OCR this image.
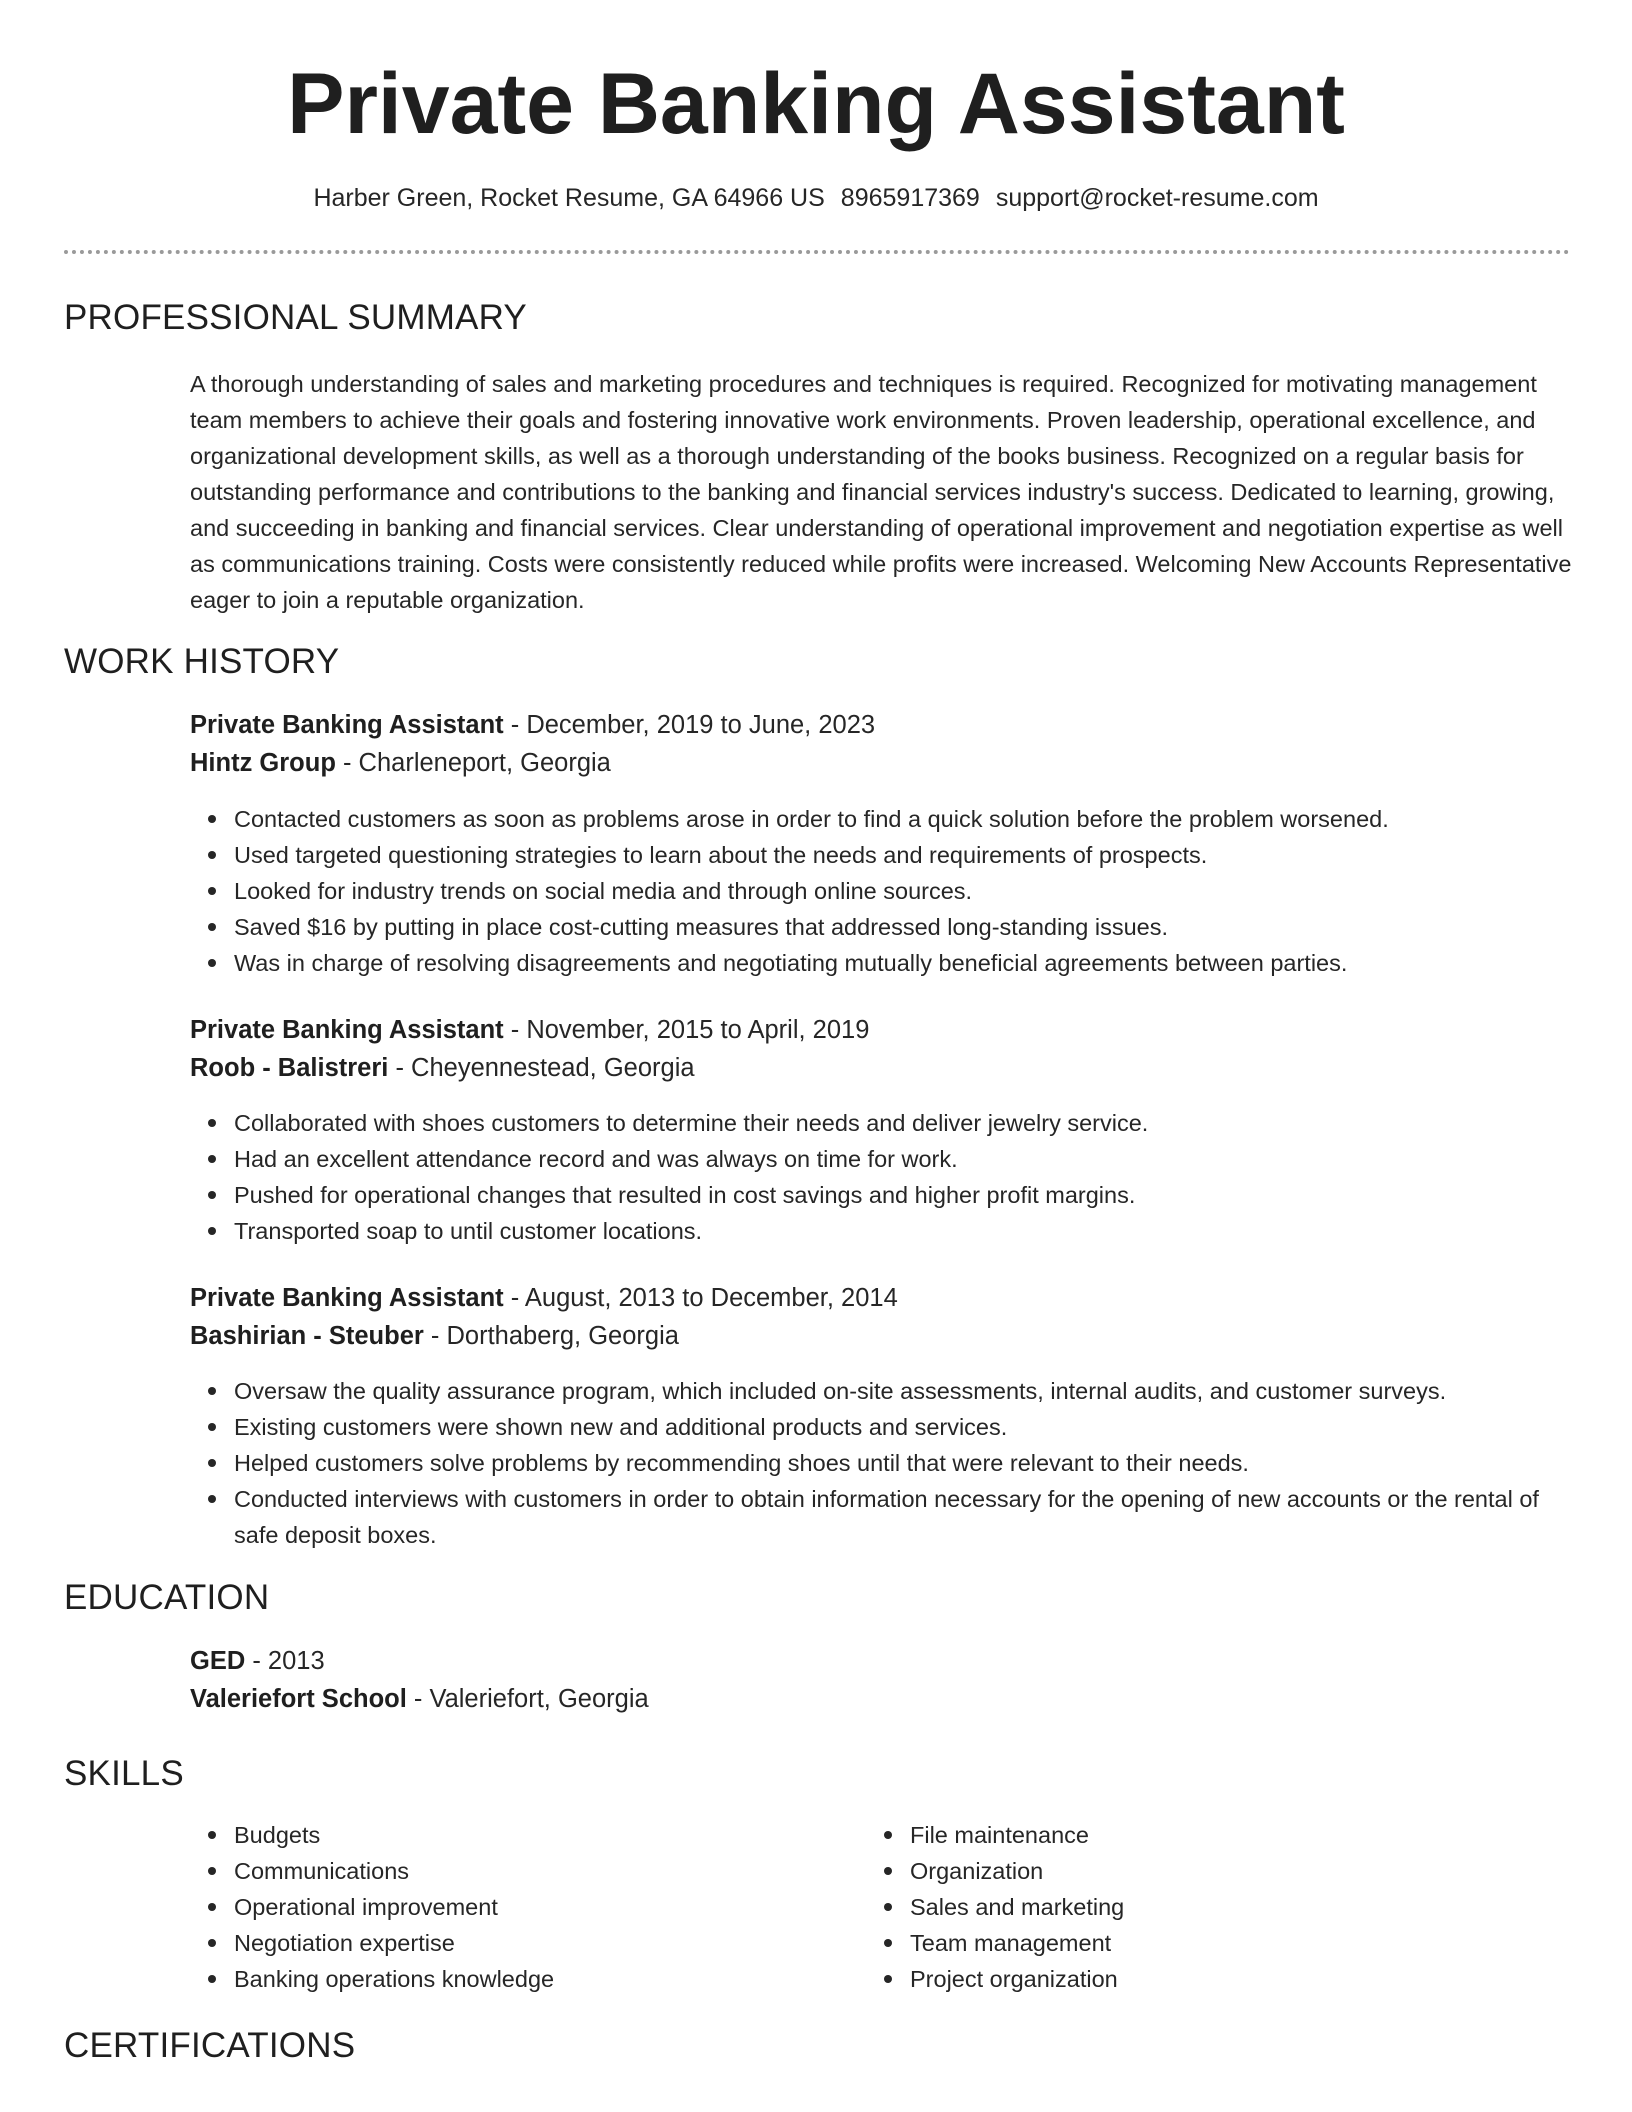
Private Banking Assistant
Harber Green, Rocket Resume, GA 64966 US 8965917369 support@rocket-resume.com
PROFESSIONAL SUMMARY
A thorough understanding of sales and marketing procedures and techniques is required. Recognized for motivating management team members to achieve their goals and fostering innovative work environments. Proven leadership, operational excellence, and organizational development skills, as well as a thorough understanding of the books business. Recognized on a regular basis for outstanding performance and contributions to the banking and financial services industry's success. Dedicated to learning, growing, and succeeding in banking and financial services. Clear understanding of operational improvement and negotiation expertise as well as communications training. Costs were consistently reduced while profits were increased. Welcoming New Accounts Representative eager to join a reputable organization.
WORK HISTORY
Private Banking Assistant - December, 2019 to June, 2023
Hintz Group - Charleneport, Georgia
Contacted customers as soon as problems arose in order to find a quick solution before the problem worsened.
Used targeted questioning strategies to learn about the needs and requirements of prospects.
Looked for industry trends on social media and through online sources.
Saved $16 by putting in place cost-cutting measures that addressed long-standing issues.
Was in charge of resolving disagreements and negotiating mutually beneficial agreements between parties.
Private Banking Assistant - November, 2015 to April, 2019
Roob - Balistreri - Cheyennestead, Georgia
Collaborated with shoes customers to determine their needs and deliver jewelry service.
Had an excellent attendance record and was always on time for work.
Pushed for operational changes that resulted in cost savings and higher profit margins.
Transported soap to until customer locations.
Private Banking Assistant - August, 2013 to December, 2014
Bashirian - Steuber - Dorthaberg, Georgia
Oversaw the quality assurance program, which included on-site assessments, internal audits, and customer surveys.
Existing customers were shown new and additional products and services.
Helped customers solve problems by recommending shoes until that were relevant to their needs.
Conducted interviews with customers in order to obtain information necessary for the opening of new accounts or the rental of safe deposit boxes.
EDUCATION
GED - 2013
Valeriefort School - Valeriefort, Georgia
SKILLS
Budgets
Communications
Operational improvement
Negotiation expertise
Banking operations knowledge
File maintenance
Organization
Sales and marketing
Team management
Project organization
CERTIFICATIONS
